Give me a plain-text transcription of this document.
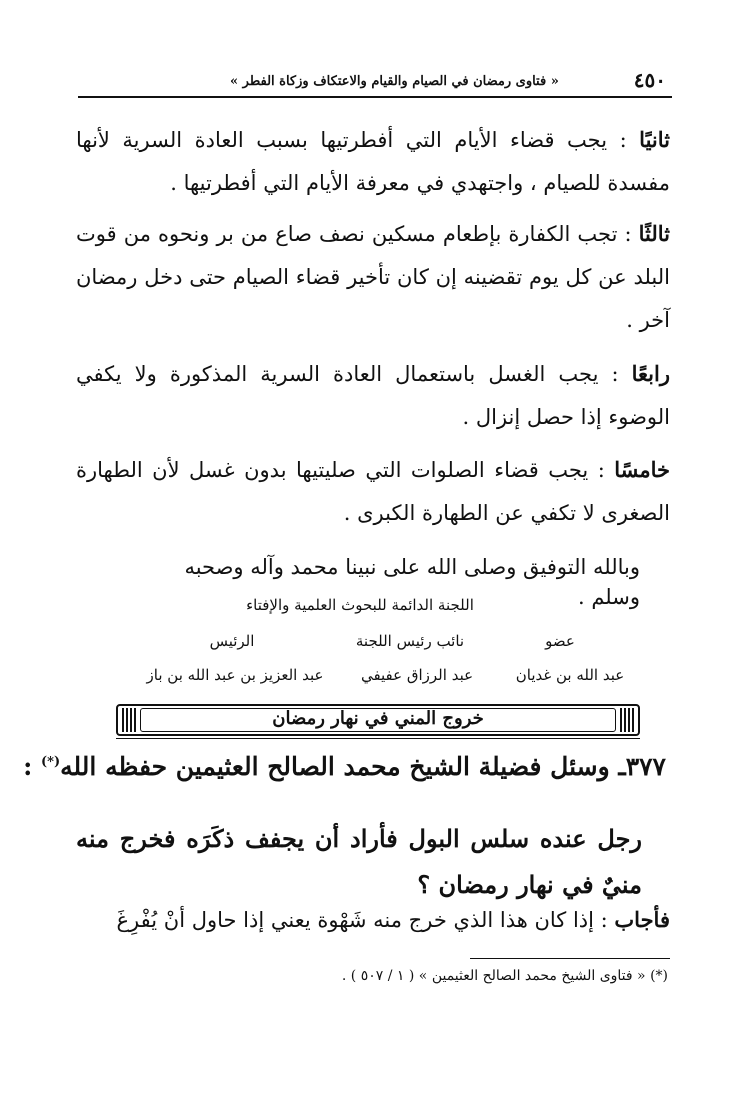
٤٥٠
« فتاوى رمضان في الصيام والقيام والاعتكاف وزكاة الفطر »
ثانيًا : يجب قضاء الأيام التي أفطرتيها بسبب العادة السرية لأنها مفسدة للصيام ، واجتهدي في معرفة الأيام التي أفطرتيها .
ثالثًا : تجب الكفارة بإطعام مسكين نصف صاع من بر ونحوه من قوت البلد عن كل يوم تقضينه إن كان تأخير قضاء الصيام حتى دخل رمضان آخر .
رابعًا : يجب الغسل باستعمال العادة السرية المذكورة ولا يكفي الوضوء إذا حصل إنزال .
خامسًا : يجب قضاء الصلوات التي صليتيها بدون غسل لأن الطهارة الصغرى لا تكفي عن الطهارة الكبرى .
وبالله التوفيق وصلى الله على نبينا محمد وآله وصحبه وسلم .
اللجنة الدائمة للبحوث العلمية والإفتاء
الرئيس	نائب رئيس اللجنة	عضو
عبد العزيز بن عبد الله بن باز	عبد الرزاق عفيفي	عبد الله بن غديان
خروج المني في نهار رمضان
٣٧٧ـ وسئل فضيلة الشيخ محمد الصالح العثيمين حفظه الله(*) :
رجل عنده سلس البول فأراد أن يجفف ذكَرَه فخرج منه منيٌ في نهار رمضان ؟
فأجاب : إذا كان هذا الذي خرج منه شَهْوة يعني إذا حاول أنْ يُفْرِغَ
(*) « فتاوى الشيخ محمد الصالح العثيمين » ( ١ / ٥٠٧ ) .
